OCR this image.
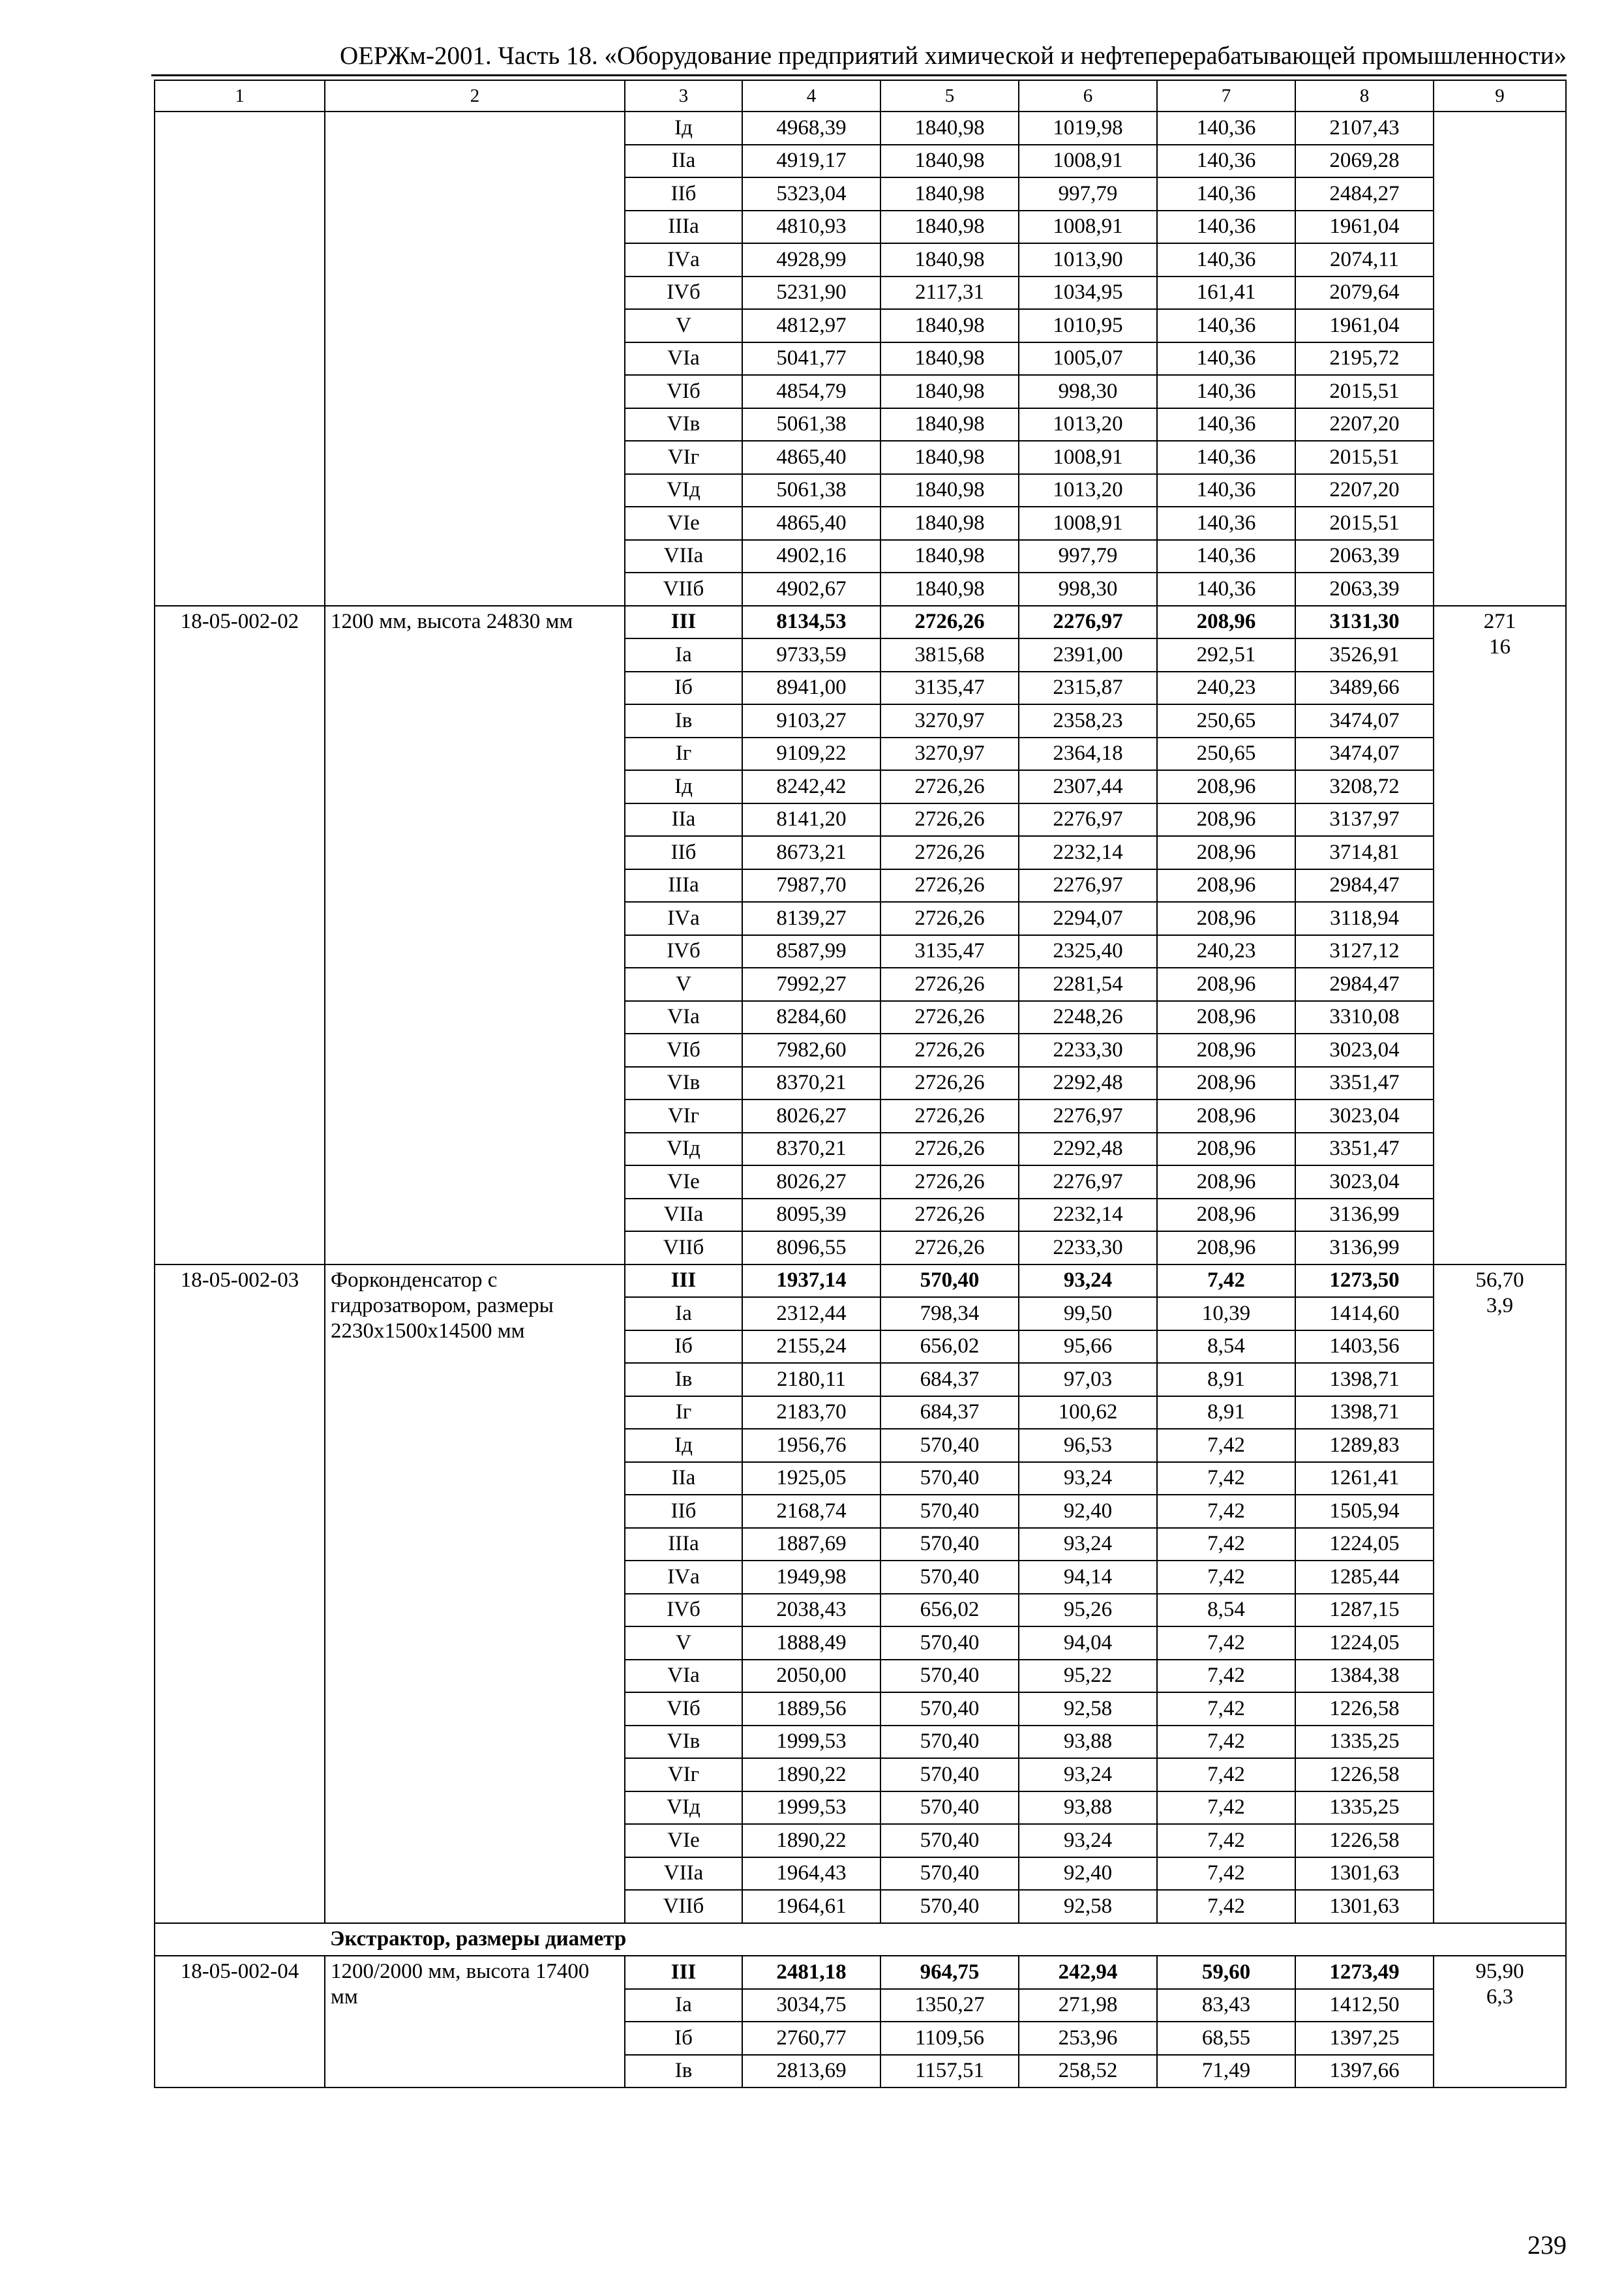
ОЕРЖм-2001. Часть 18. «Оборудование предприятий химической и нефтеперерабатывающей промышленности»
1	2	3	4	5	6	7	8	9
		Iд	4968,39	1840,98	1019,98	140,36	2107,43	
		IIа	4919,17	1840,98	1008,91	140,36	2069,28	
		IIб	5323,04	1840,98	997,79	140,36	2484,27	
		IIIа	4810,93	1840,98	1008,91	140,36	1961,04	
		IVа	4928,99	1840,98	1013,90	140,36	2074,11	
		IVб	5231,90	2117,31	1034,95	161,41	2079,64	
		V	4812,97	1840,98	1010,95	140,36	1961,04	
		VIа	5041,77	1840,98	1005,07	140,36	2195,72	
		VIб	4854,79	1840,98	998,30	140,36	2015,51	
		VIв	5061,38	1840,98	1013,20	140,36	2207,20	
		VIг	4865,40	1840,98	1008,91	140,36	2015,51	
		VIд	5061,38	1840,98	1013,20	140,36	2207,20	
		VIе	4865,40	1840,98	1008,91	140,36	2015,51	
		VIIа	4902,16	1840,98	997,79	140,36	2063,39	
		VIIб	4902,67	1840,98	998,30	140,36	2063,39	
18-05-002-02	1200 мм, высота 24830 мм	III	8134,53	2726,26	2276,97	208,96	3131,30	271
16

		Iа	9733,59	3815,68	2391,00	292,51	3526,91	
		Iб	8941,00	3135,47	2315,87	240,23	3489,66	
		Iв	9103,27	3270,97	2358,23	250,65	3474,07	
		Iг	9109,22	3270,97	2364,18	250,65	3474,07	
		Iд	8242,42	2726,26	2307,44	208,96	3208,72	
		IIа	8141,20	2726,26	2276,97	208,96	3137,97	
		IIб	8673,21	2726,26	2232,14	208,96	3714,81	
		IIIа	7987,70	2726,26	2276,97	208,96	2984,47	
		IVа	8139,27	2726,26	2294,07	208,96	3118,94	
		IVб	8587,99	3135,47	2325,40	240,23	3127,12	
		V	7992,27	2726,26	2281,54	208,96	2984,47	
		VIа	8284,60	2726,26	2248,26	208,96	3310,08	
		VIб	7982,60	2726,26	2233,30	208,96	3023,04	
		VIв	8370,21	2726,26	2292,48	208,96	3351,47	
		VIг	8026,27	2726,26	2276,97	208,96	3023,04	
		VIд	8370,21	2726,26	2292,48	208,96	3351,47	
		VIе	8026,27	2726,26	2276,97	208,96	3023,04	
		VIIа	8095,39	2726,26	2232,14	208,96	3136,99	
		VIIб	8096,55	2726,26	2233,30	208,96	3136,99	
18-05-002-03	Форконденсатор с гидрозатвором, размеры 2230х1500х14500 мм	III	1937,14	570,40	93,24	7,42	1273,50	56,70
3,9

		Iа	2312,44	798,34	99,50	10,39	1414,60	
		Iб	2155,24	656,02	95,66	8,54	1403,56	
		Iв	2180,11	684,37	97,03	8,91	1398,71	
		Iг	2183,70	684,37	100,62	8,91	1398,71	
		Iд	1956,76	570,40	96,53	7,42	1289,83	
		IIа	1925,05	570,40	93,24	7,42	1261,41	
		IIб	2168,74	570,40	92,40	7,42	1505,94	
		IIIа	1887,69	570,40	93,24	7,42	1224,05	
		IVа	1949,98	570,40	94,14	7,42	1285,44	
		IVб	2038,43	656,02	95,26	8,54	1287,15	
		V	1888,49	570,40	94,04	7,42	1224,05	
		VIа	2050,00	570,40	95,22	7,42	1384,38	
		VIб	1889,56	570,40	92,58	7,42	1226,58	
		VIв	1999,53	570,40	93,88	7,42	1335,25	
		VIг	1890,22	570,40	93,24	7,42	1226,58	
		VIд	1999,53	570,40	93,88	7,42	1335,25	
		VIе	1890,22	570,40	93,24	7,42	1226,58	
		VIIа	1964,43	570,40	92,40	7,42	1301,63	
		VIIб	1964,61	570,40	92,58	7,42	1301,63	
	Экстрактор, размеры диаметр							
18-05-002-04	1200/2000 мм, высота 17400 мм	III	2481,18	964,75	242,94	59,60	1273,49	95,90
6,3

		Iа	3034,75	1350,27	271,98	83,43	1412,50	
		Iб	2760,77	1109,56	253,96	68,55	1397,25	
		Iв	2813,69	1157,51	258,52	71,49	1397,66	
239
